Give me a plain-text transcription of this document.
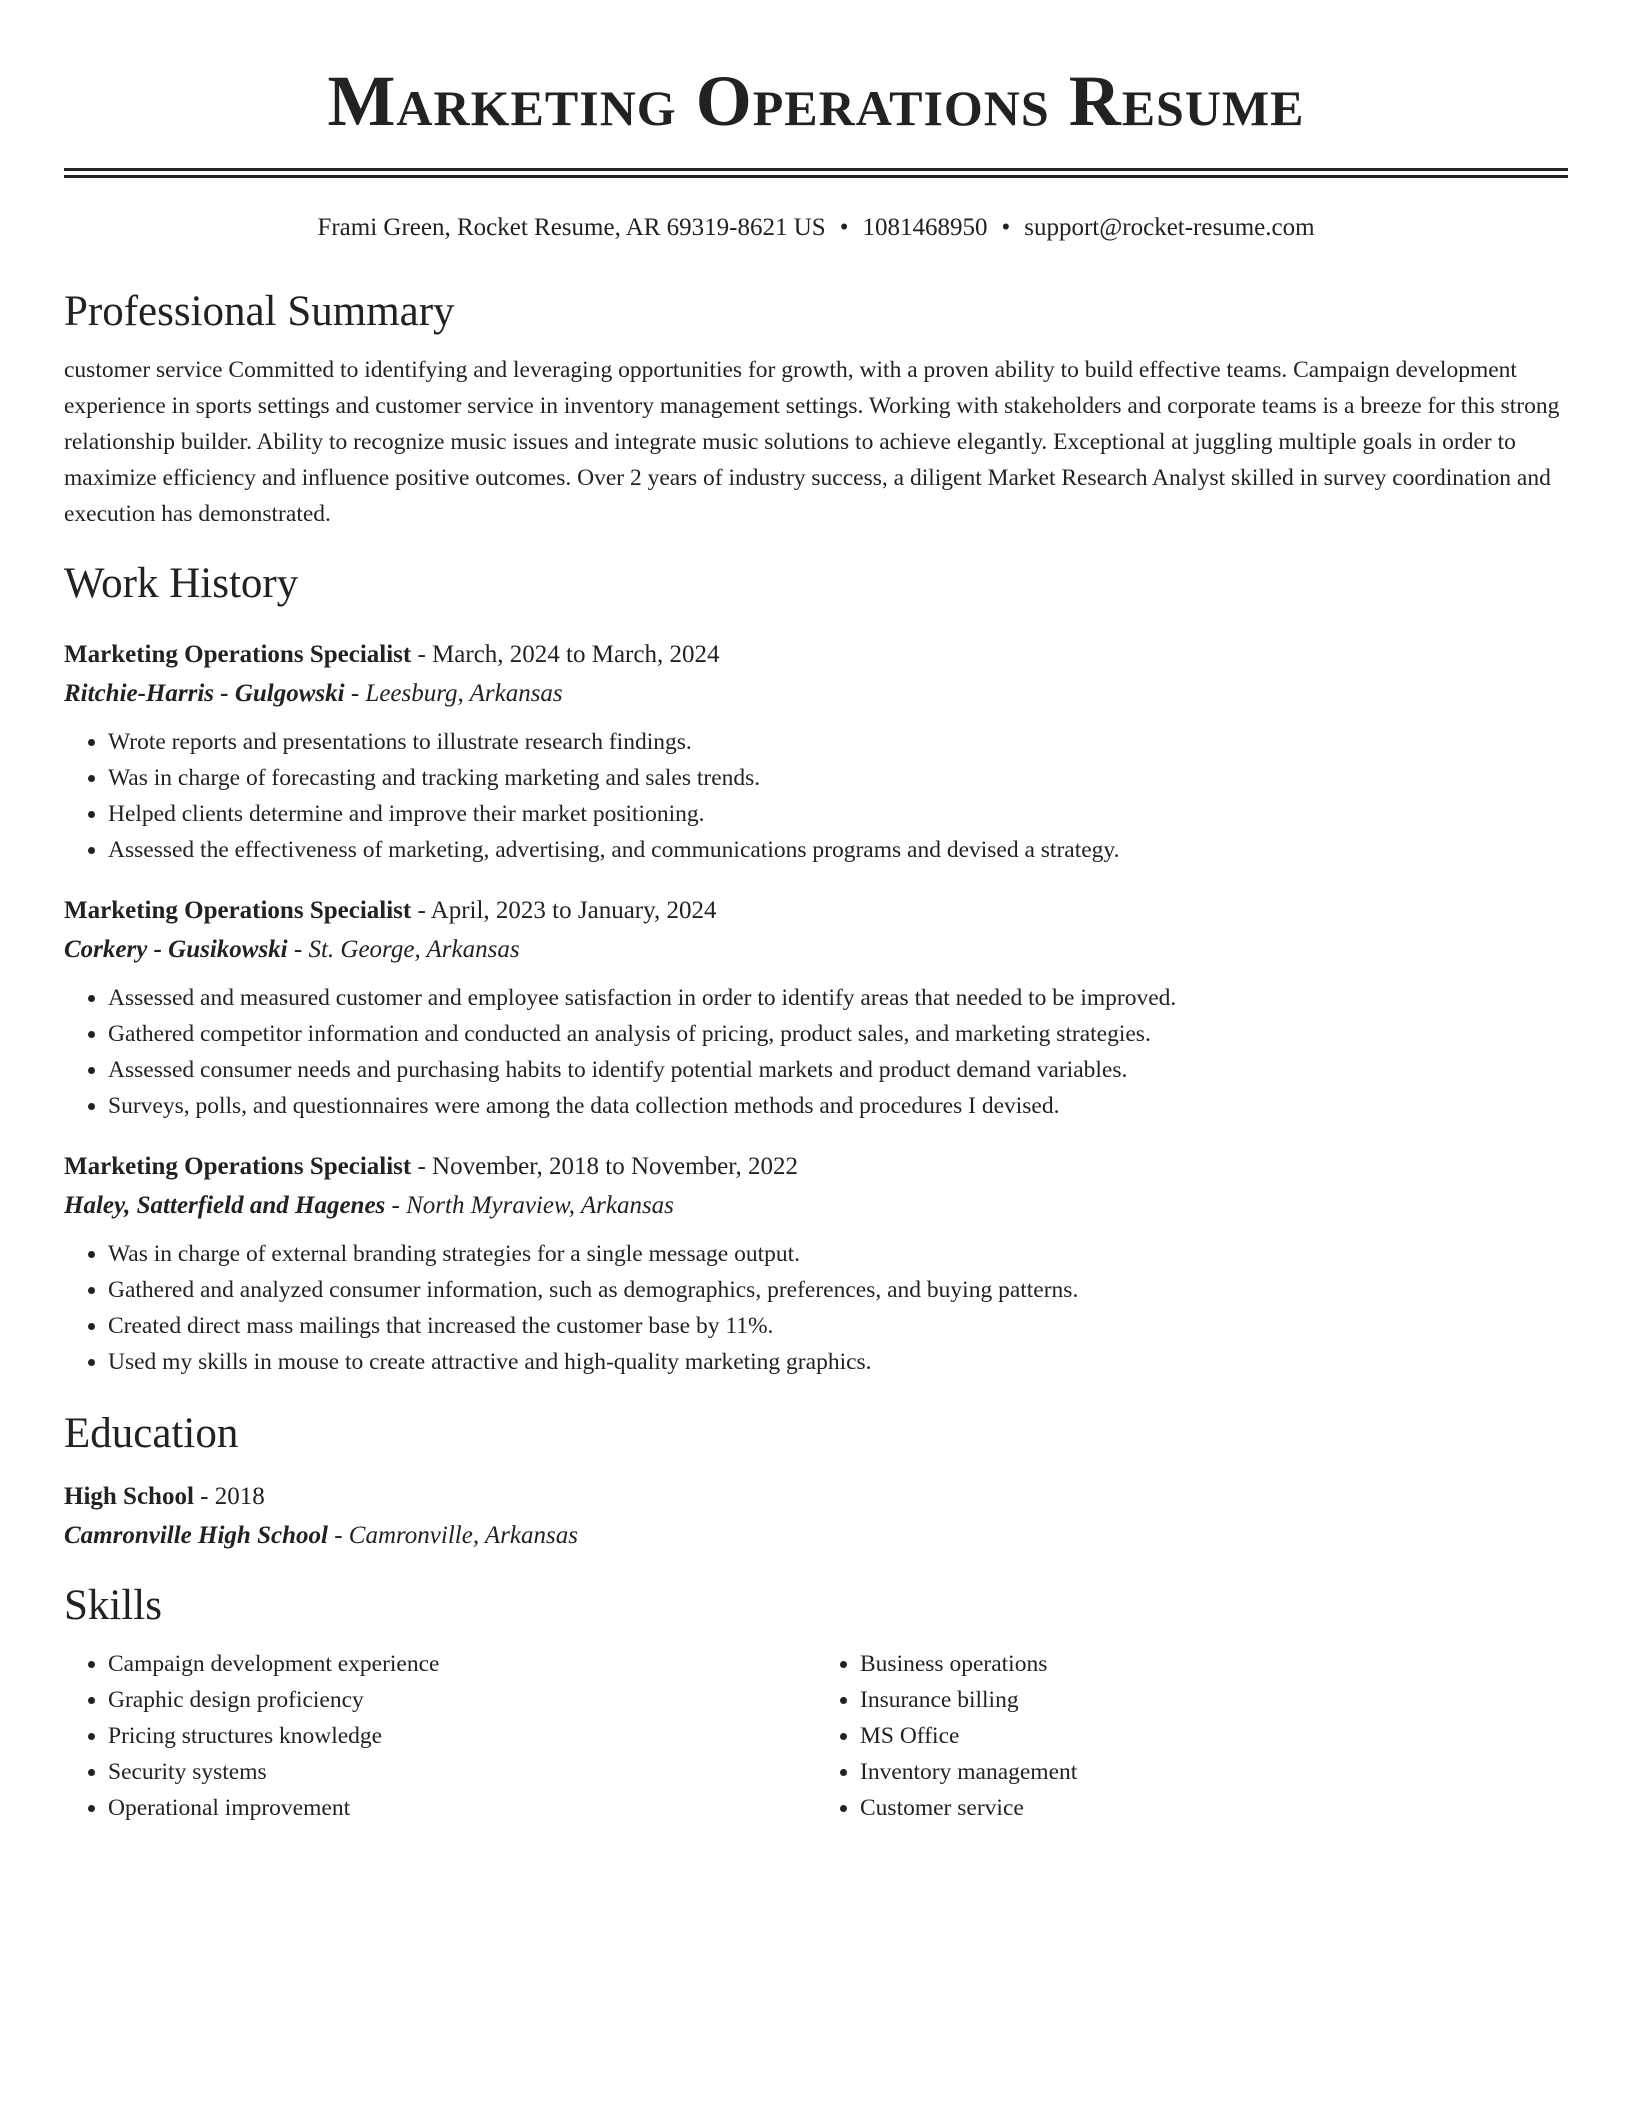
Marketing Operations Resume
Frami Green, Rocket Resume, AR 69319-8621 US • 1081468950 • support@rocket-resume.com
Professional Summary

customer service Committed to identifying and leveraging opportunities for growth, with a proven ability to build effective teams. Campaign development experience in sports settings and customer service in inventory management settings. Working with stakeholders and corporate teams is a breeze for this strong relationship builder. Ability to recognize music issues and integrate music solutions to achieve elegantly. Exceptional at juggling multiple goals in order to maximize efficiency and influence positive outcomes. Over 2 years of industry success, a diligent Market Research Analyst skilled in survey coordination and execution has demonstrated.

Work History
Marketing Operations Specialist - March, 2024 to March, 2024
Ritchie-Harris - Gulgowski - Leesburg, Arkansas
• Wrote reports and presentations to illustrate research findings.
• Was in charge of forecasting and tracking marketing and sales trends.
• Helped clients determine and improve their market positioning.
• Assessed the effectiveness of marketing, advertising, and communications programs and devised a strategy.
Marketing Operations Specialist - April, 2023 to January, 2024
Corkery - Gusikowski - St. George, Arkansas
• Assessed and measured customer and employee satisfaction in order to identify areas that needed to be improved.
• Gathered competitor information and conducted an analysis of pricing, product sales, and marketing strategies.
• Assessed consumer needs and purchasing habits to identify potential markets and product demand variables.
• Surveys, polls, and questionnaires were among the data collection methods and procedures I devised.
Marketing Operations Specialist - November, 2018 to November, 2022
Haley, Satterfield and Hagenes - North Myraview, Arkansas
• Was in charge of external branding strategies for a single message output.
• Gathered and analyzed consumer information, such as demographics, preferences, and buying patterns.
• Created direct mass mailings that increased the customer base by 11%.
• Used my skills in mouse to create attractive and high-quality marketing graphics.
Education
High School - 2018
Camronville High School - Camronville, Arkansas
Skills
• Campaign development experience
• Graphic design proficiency
• Pricing structures knowledge
• Security systems
• Operational improvement
• Business operations
• Insurance billing
• MS Office
• Inventory management
• Customer service
